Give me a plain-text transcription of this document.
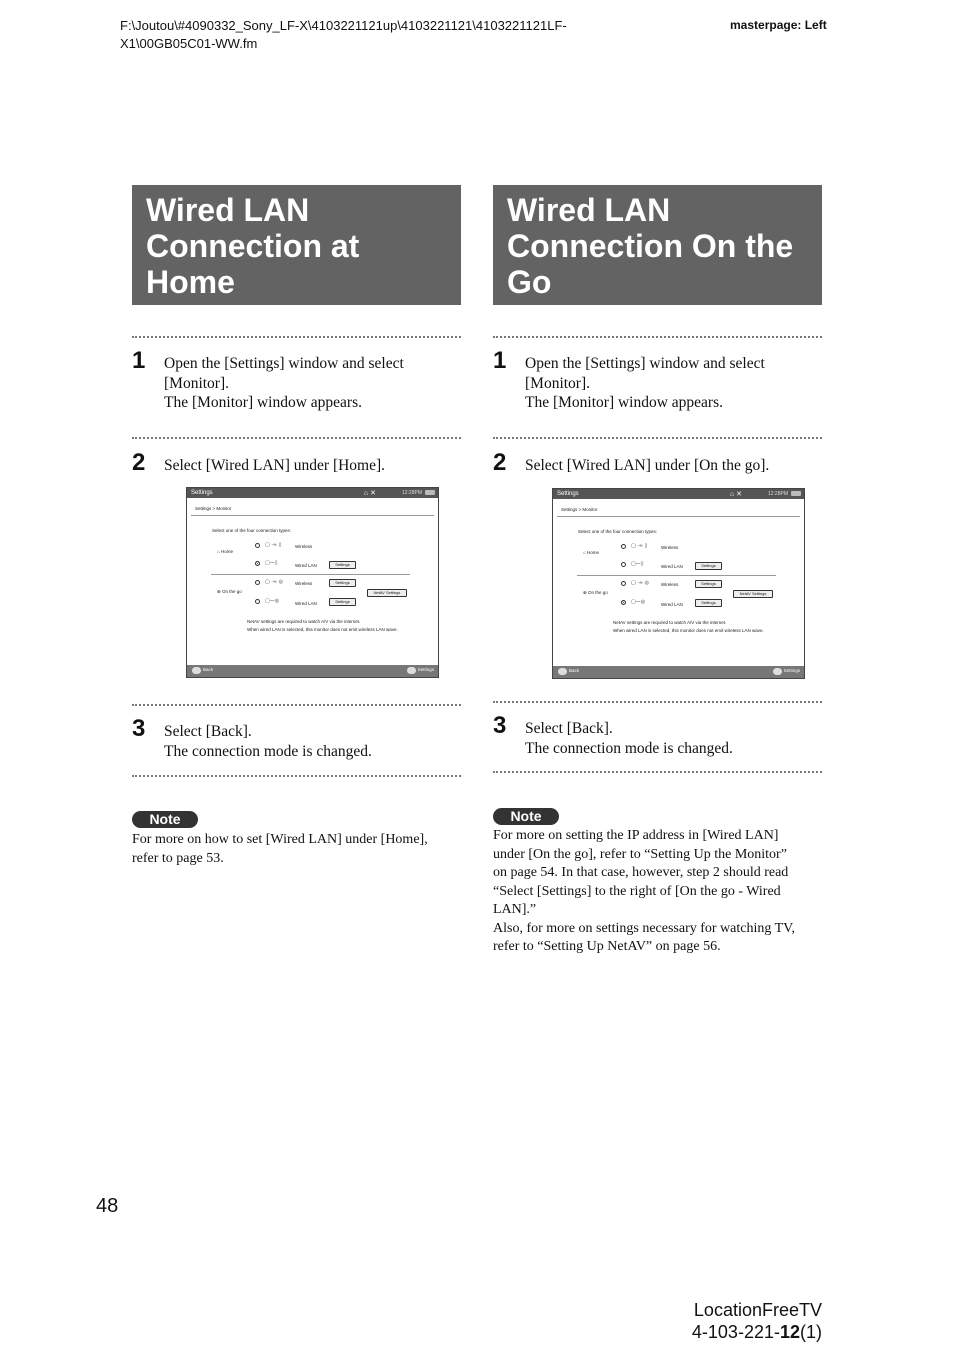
F:\Joutou\#4090332_Sony_LF-X\4103221121up\4103221121\4103221121LF-
X1\00GB05C01-WW.fm
masterpage: Left
Wired LAN
Connection at
Home
1 Open the [Settings] window and select
[Monitor].
The [Monitor] window appears.
2 Select [Wired LAN] under [Home].
Settings	⌂ ✕	12:28PM
Settings > Monitor
Select one of the four connection types:
⌂ Home
▢ ·≈ ▯	Wireless
▢—▯	Wired LAN	Settings
⊕ On the go
▢ ·≈ ◎	Wireless	Settings
NetAV Settings
▢—◎	Wired LAN	Settings
NetAV settings are required to watch A/V via the internet.
When wired LAN is selected, this monitor does not emit wireless LAN wave.
Back	Settings
3 Select [Back].
The connection mode is changed.
Note
For more on how to set [Wired LAN] under [Home],
refer to page 53.
Wired LAN
Connection On the
Go
1 Open the [Settings] window and select
[Monitor].
The [Monitor] window appears.
2 Select [Wired LAN] under [On the go].
Settings	⌂ ✕	12:28PM
Settings > Monitor
Select one of the four connection types:
⌂ Home
▢ ·≈ ▯	Wireless
▢—▯	Wired LAN	Settings
⊕ On the go
▢ ·≈ ◎	Wireless	Settings
NetAV Settings
▢—◎	Wired LAN	Settings
NetAV settings are required to watch A/V via the internet.
When wired LAN is selected, this monitor does not emit wireless LAN wave.
Back	Settings
3 Select [Back].
The connection mode is changed.
Note
For more on setting the IP address in [Wired LAN]
under [On the go], refer to “Setting Up the Monitor”
on page 54. In that case, however, step 2 should read
“Select [Settings] to the right of [On the go - Wired
LAN].”
Also, for more on settings necessary for watching TV,
refer to “Setting Up NetAV” on page 56.
48
LocationFreeTV
4-103-221-12(1)
